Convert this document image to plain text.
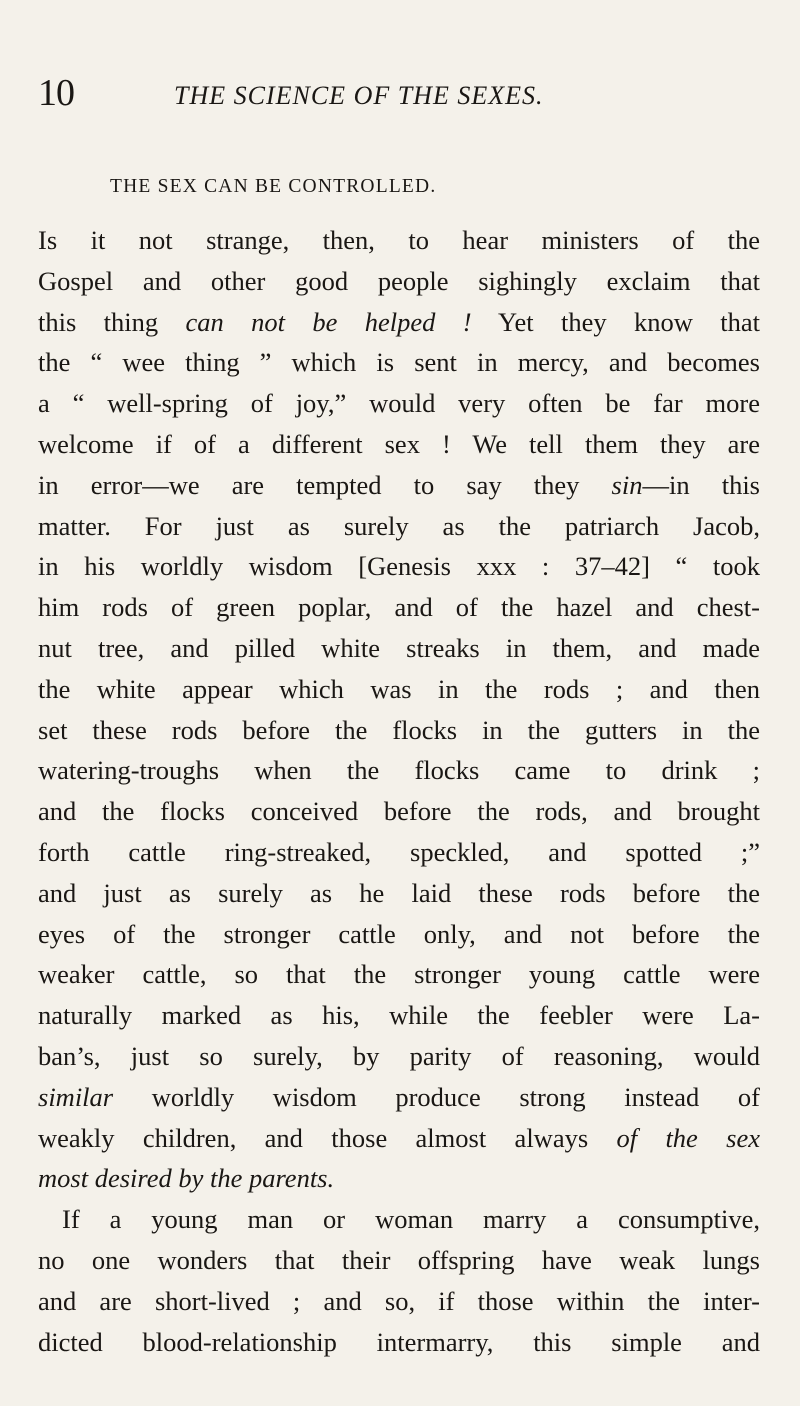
10	THE SCIENCE OF THE SEXES.
THE SEX CAN BE CONTROLLED.
Is it not strange, then, to hear ministers of the
Gospel and other good people sighingly exclaim that
this thing can not be helped ! Yet they know that
the “ wee thing ” which is sent in mercy, and becomes
a “ well-spring of joy,” would very often be far more
welcome if of a different sex ! We tell them they are
in error—we are tempted to say they sin—in this
matter. For just as surely as the patriarch Jacob,
in his worldly wisdom [Genesis xxx : 37–42] “ took
him rods of green poplar, and of the hazel and chest-
nut tree, and pilled white streaks in them, and made
the white appear which was in the rods ; and then
set these rods before the flocks in the gutters in the
watering-troughs when the flocks came to drink ;
and the flocks conceived before the rods, and brought
forth cattle ring-streaked, speckled, and spotted ;”
and just as surely as he laid these rods before the
eyes of the stronger cattle only, and not before the
weaker cattle, so that the stronger young cattle were
naturally marked as his, while the feebler were La-
ban’s, just so surely, by parity of reasoning, would
similar worldly wisdom produce strong instead of
weakly children, and those almost always of the sex
most desired by the parents.
If a young man or woman marry a consumptive,
no one wonders that their offspring have weak lungs
and are short-lived ; and so, if those within the inter-
dicted blood-relationship intermarry, this simple and
